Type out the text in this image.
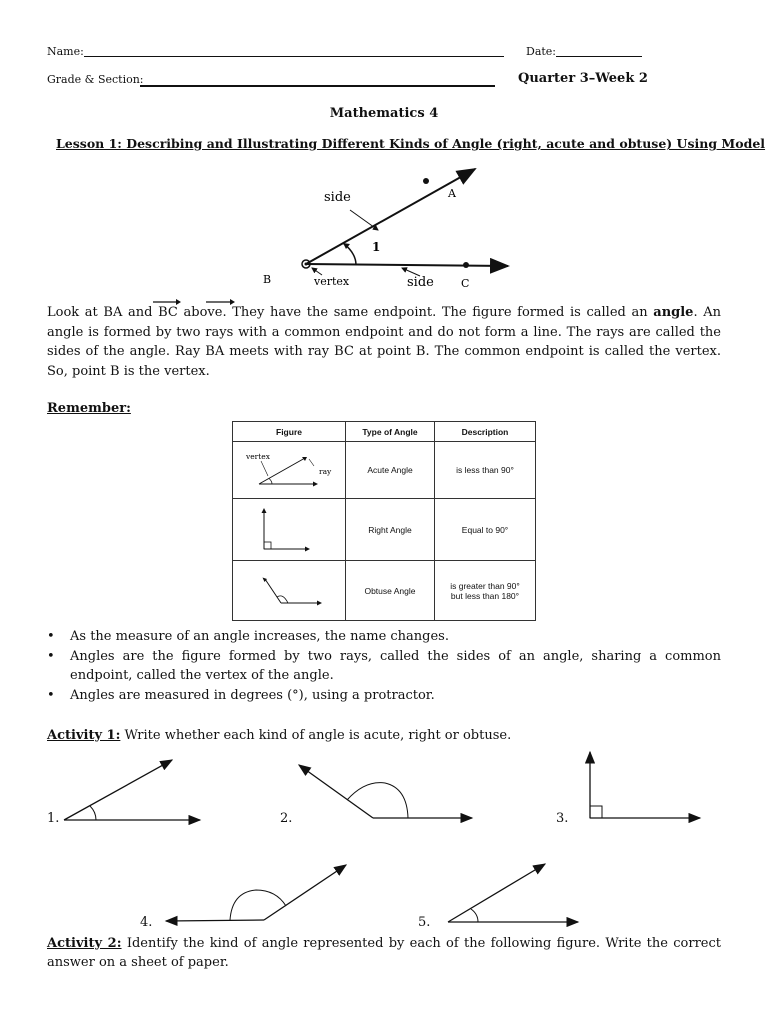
Name:	Date:
Grade & Section:	Quarter 3–Week 2
Mathematics 4
Lesson 1: Describing and Illustrating Different Kinds of Angle (right, acute and obtuse) Using Model
side	A
1
B	vertex	side C
Look at BA and BC above. They have the same endpoint. The figure formed is called an angle. An angle is formed by two rays with a common endpoint and do not form a line. The rays are called the sides of the angle. Ray BA meets with ray BC at point B. The common endpoint is called the vertex. So, point B is the vertex.
Remember:
Figure	Type of Angle	Description

vertex
ray	Acute Angle	is less than 90°
	Right Angle	Equal to 90°
	Obtuse Angle	is greater than 90°
but less than 180°
• As the measure of an angle increases, the name changes.
• Angles are the figure formed by two rays, called the sides of an angle, sharing a common endpoint, called the vertex of the angle.
• Angles are measured in degrees (°), using a protractor.
Activity 1: Write whether each kind of angle is acute, right or obtuse.
1.	2.	3.
4.	5.
Activity 2: Identify the kind of angle represented by each of the following figure. Write the correct answer on a sheet of paper.
